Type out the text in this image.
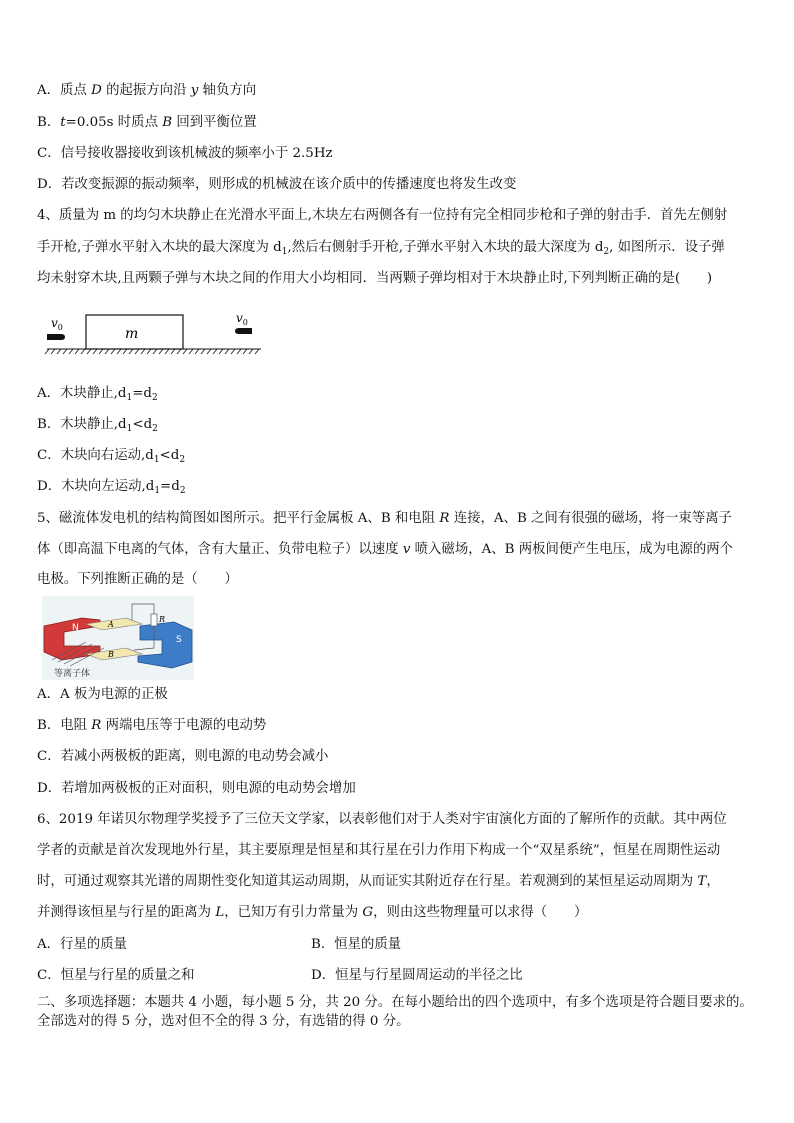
A．质点 D 的起振方向沿 y 轴负方向
B．t=0.05s 时质点 B 回到平衡位置
C．信号接收器接收到该机械波的频率小于 2.5Hz
D．若改变振源的振动频率，则形成的机械波在该介质中的传播速度也将发生改变
4、质量为 m 的均匀木块静止在光滑水平面上,木块左右两侧各有一位持有完全相同步枪和子弹的射击手．首先左侧射
手开枪,子弹水平射入木块的最大深度为 $d_1$,然后右侧射手开枪,子弹水平射入木块的最大深度为 $d_2$, 如图所示．设子弹
均未射穿木块,且两颗子弹与木块之间的作用大小均相同．当两颗子弹均相对于木块静止时,下列判断正确的是(　　)
m
$v_0$
$v_0$
A．木块静止$,d_1=d_2$
B．木块静止$,d_1<d_2$
C．木块向右运动$,d_1<d_2$
D．木块向左运动$,d_1=d_2$
5、磁流体发电机的结构简图如图所示。把平行金属板 A、B 和电阻 R 连接，A、B 之间有很强的磁场，将一束等离子
体（即高温下电离的气体，含有大量正、负带电粒子）以速度 v 喷入磁场，A、B 两板间便产生电压，成为电源的两个
电极。下列推断正确的是（　　）
N
S
A
B
R
等离子体
A．A 板为电源的正极
B．电阻 R 两端电压等于电源的电动势
C．若减小两极板的距离，则电源的电动势会减小
D．若增加两极板的正对面积，则电源的电动势会增加
6、2019 年诺贝尔物理学奖授予了三位天文学家，以表彰他们对于人类对宇宙演化方面的了解所作的贡献。其中两位
学者的贡献是首次发现地外行星，其主要原理是恒星和其行星在引力作用下构成一个“双星系统”，恒星在周期性运动
时，可通过观察其光谱的周期性变化知道其运动周期，从而证实其附近存在行星。若观测到的某恒星运动周期为 T，
并测得该恒星与行星的距离为 L，已知万有引力常量为 G，则由这些物理量可以求得（　　）
A．行星的质量	B．恒星的质量
C．恒星与行星的质量之和	D．恒星与行星圆周运动的半径之比
二、多项选择题：本题共 4 小题，每小题 5 分，共 20 分。在每小题给出的四个选项中，有多个选项是符合题目要求的。
全部选对的得 5 分，选对但不全的得 3 分，有选错的得 0 分。
